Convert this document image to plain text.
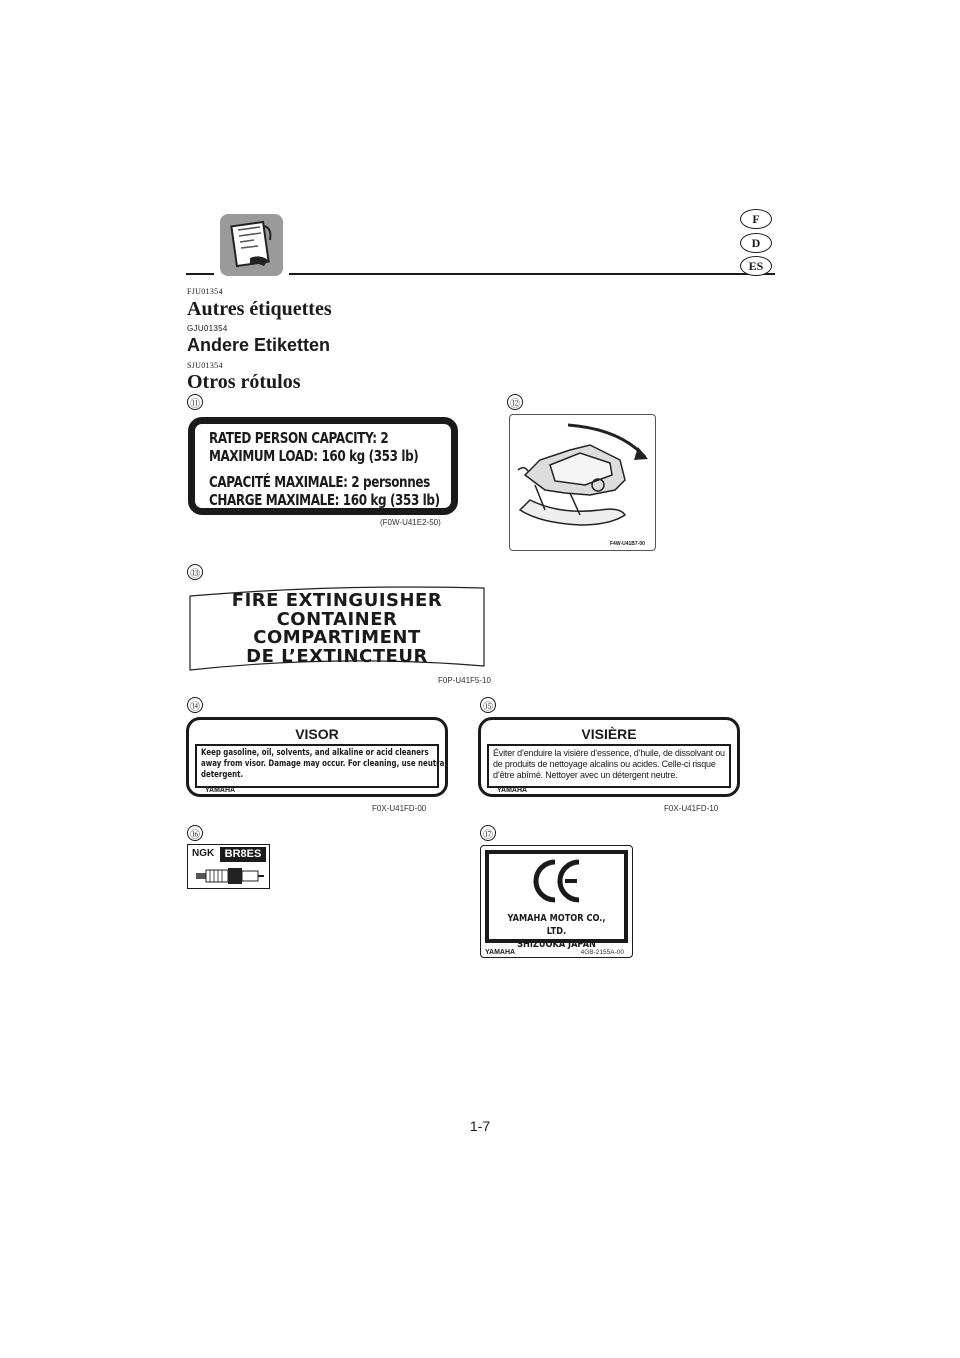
F
D
ES
FJU01354
Autres étiquettes
GJU01354
Andere Etiketten
SJU01354
Otros rótulos
⑪
RATED PERSON CAPACITY: 2
MAXIMUM LOAD: 160 kg (353 lb)
CAPACITÉ MAXIMALE: 2 personnes
CHARGE MAXIMALE: 160 kg (353 lb)
(F0W-U41E2-50)
⑫
F4W-U41B7-00
⑬
FIRE EXTINGUISHER
CONTAINER
COMPARTIMENT
DE L’EXTINCTEUR
F0P-U41F5-10
⑭
VISOR
Keep gasoline, oil, solvents, and alkaline or acid cleaners away from visor. Damage may occur. For cleaning, use neutral detergent.
YAMAHA
F0X-U41FD-00
⑮
VISIÈRE
Éviter d’enduire la visière d’essence, d’huile, de dissolvant ou de produits de nettoyage alcalins ou acides. Celle-ci risque d’être abîmé. Nettoyer avec un détergent neutre.
YAMAHA
F0X-U41FD-10
⑯
NGK BR8ES
⑰
YAMAHA MOTOR CO., LTD.
SHIZUOKA JAPAN
YAMAHA	4GB-2155A-00
1-7
